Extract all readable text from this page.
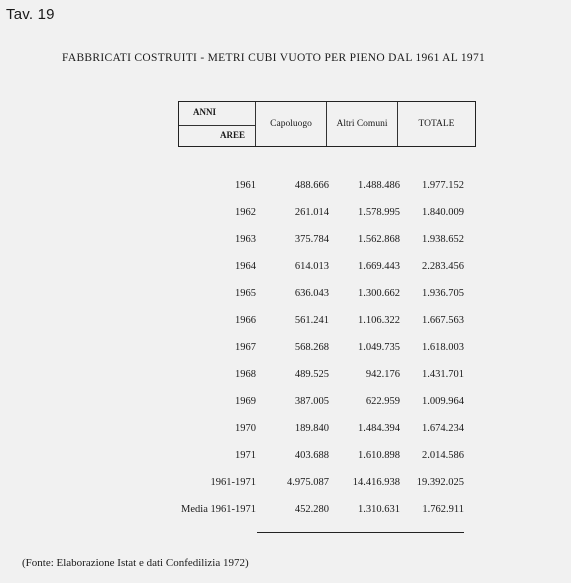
Tav. 19
FABBRICATI COSTRUITI - METRI CUBI VUOTO PER PIENO DAL 1961 AL 1971
ANNI
AREE
Capoluogo	Altri Comuni	TOTALE
1961	488.666	1.488.486	1.977.152
1962	261.014	1.578.995	1.840.009
1963	375.784	1.562.868	1.938.652
1964	614.013	1.669.443	2.283.456
1965	636.043	1.300.662	1.936.705
1966	561.241	1.106.322	1.667.563
1967	568.268	1.049.735	1.618.003
1968	489.525	942.176	1.431.701
1969	387.005	622.959	1.009.964
1970	189.840	1.484.394	1.674.234
1971	403.688	1.610.898	2.014.586
1961-1971	4.975.087	14.416.938	19.392.025
Media 1961-1971	452.280	1.310.631	1.762.911
(Fonte: Elaborazione Istat e dati Confedilizia 1972)
